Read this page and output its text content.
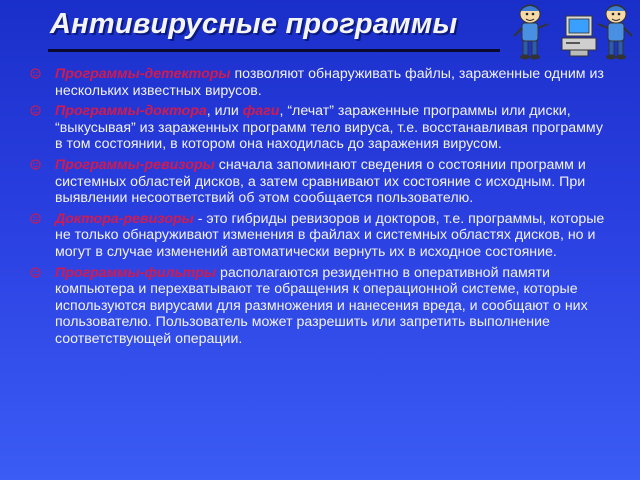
Антивирусные программы
Программы-детекторы позволяют обнаруживать файлы, зараженные одним из нескольких известных вирусов.
Программы-доктора, или фаги, “лечат” зараженные программы или диски, “выкусывая” из зараженных программ тело вируса, т.е. восстанавливая программу в том состоянии, в котором она находилась до заражения вирусом.
Программы-ревизоры сначала запоминают сведения о состоянии программ и системных областей дисков, а затем сравнивают их состояние с исходным. При выявлении несоответствий об этом сообщается пользователю.
Доктора-ревизоры - это гибриды ревизоров и докторов, т.е. программы, которые не только обнаруживают изменения в файлах и системных областях дисков, но и могут в случае изменений автоматически вернуть их в исходное состояние.
Программы-фильтры располагаются резидентно в оперативной памяти компьютера и перехватывают те обращения к операционной системе, которые используются вирусами для размножения и нанесения вреда, и сообщают о них пользователю. Пользователь может разрешить или запретить выполнение соответствующей операции.
